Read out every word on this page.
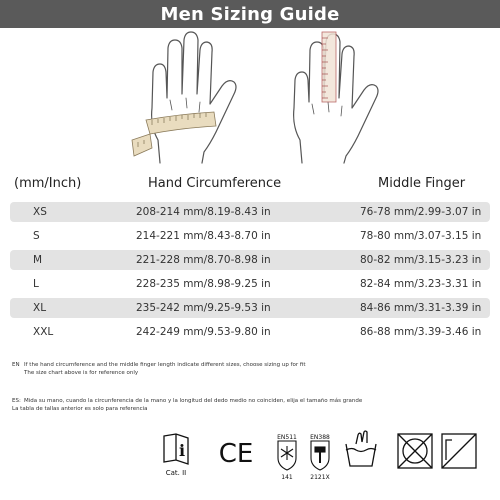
Men Sizing Guide
(mm/Inch)	Hand Circumference	Middle Finger
XS	208-214 mm/8.19-8.43 in	76-78 mm/2.99-3.07 in
S	214-221 mm/8.43-8.70 in	78-80 mm/3.07-3.15 in
M	221-228 mm/8.70-8.98 in	80-82 mm/3.15-3.23 in
L	228-235 mm/8.98-9.25 in	82-84 mm/3.23-3.31 in
XL	235-242 mm/9.25-9.53 in	84-86 mm/3.31-3.39 in
XXL	242-249 mm/9.53-9.80 in	86-88 mm/3.39-3.46 in
EN If the hand circumference and the middle finger length indicate different sizes, choose sizing up for fit
The size chart above is for reference only
ES: Mida su mano, cuando la circunferencia de la mano y la longitud del dedo medio no coinciden, elija el tamaño más grande
La tabla de tallas anterior es solo para referencia
i
Cat. II
CE
EN511
141
EN388
2121X
